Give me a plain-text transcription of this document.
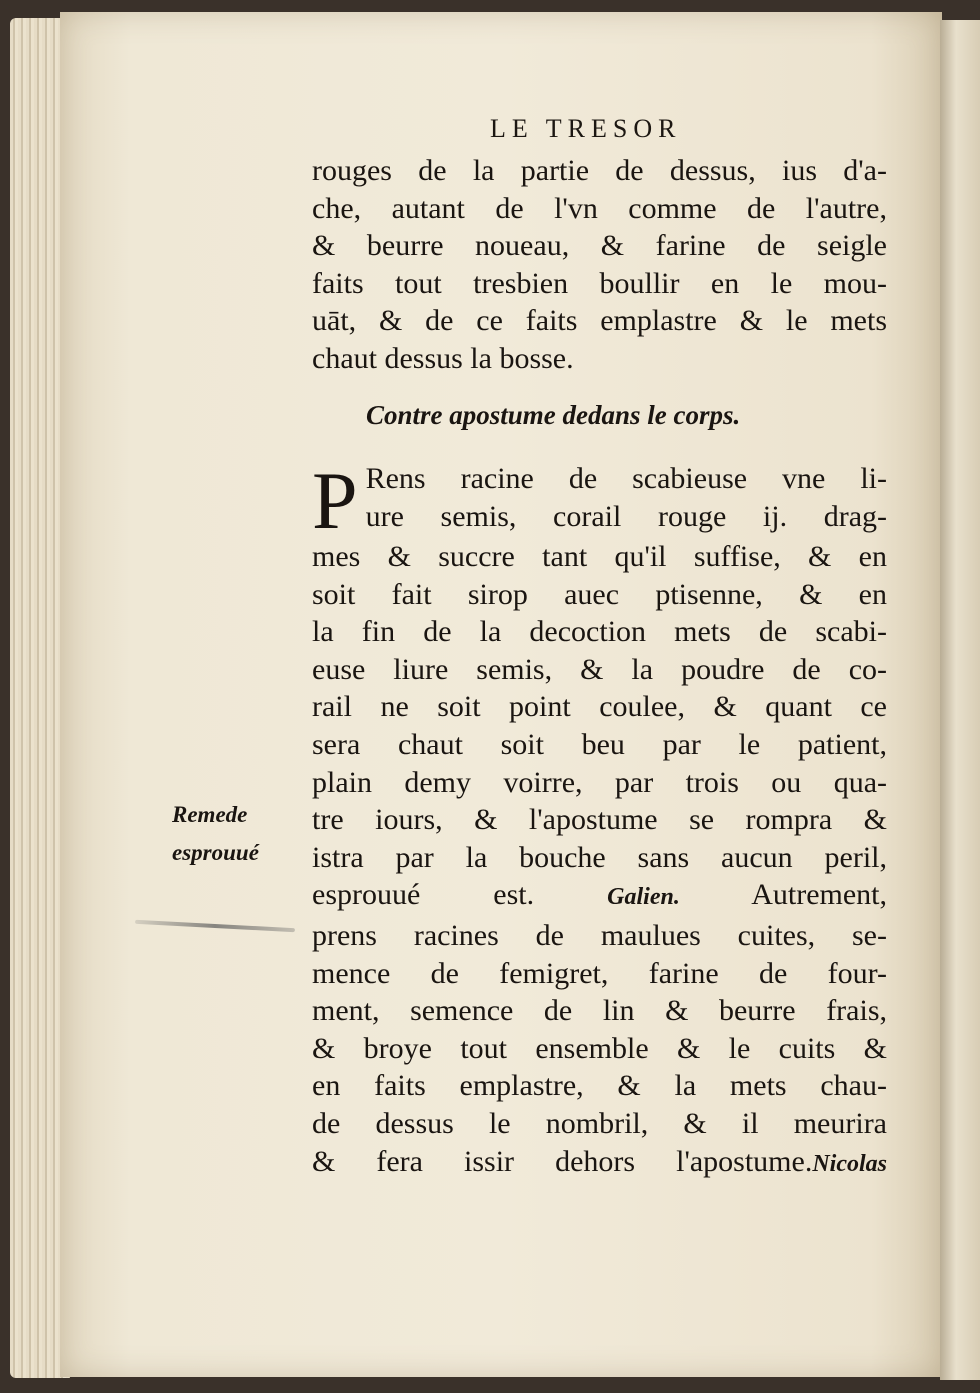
LE TRESOR
rouges de la partie de dessus, ius d'a-
che, autant de l'vn comme de l'autre,
& beurre noueau, & farine de seigle
faits tout tresbien boullir en le mou-
uāt, & de ce faits emplastre & le mets
chaut dessus la bosse.
Contre apostume dedans le corps.
P Rens racine de scabieuse vne li-
ure semis, corail rouge ij. drag-
mes & succre tant qu'il suffise, & en
soit fait sirop auec ptisenne, & en
la fin de la decoction mets de scabi-
euse liure semis, & la poudre de co-
rail ne soit point coulee, & quant ce
sera chaut soit beu par le patient,
plain demy voirre, par trois ou qua-
tre iours, & l'apostume se rompra &
istra par la bouche sans aucun peril,
esprouué est.	Galien. Autrement,
prens racines de maulues cuites, se-
mence de femigret, farine de four-
ment, semence de lin & beurre frais,
& broye tout ensemble & le cuits &
en faits emplastre, & la mets chau-
de dessus le nombril, & il meurira
& fera issir dehors l'apostume.Nicolas
Remede
esprouué
